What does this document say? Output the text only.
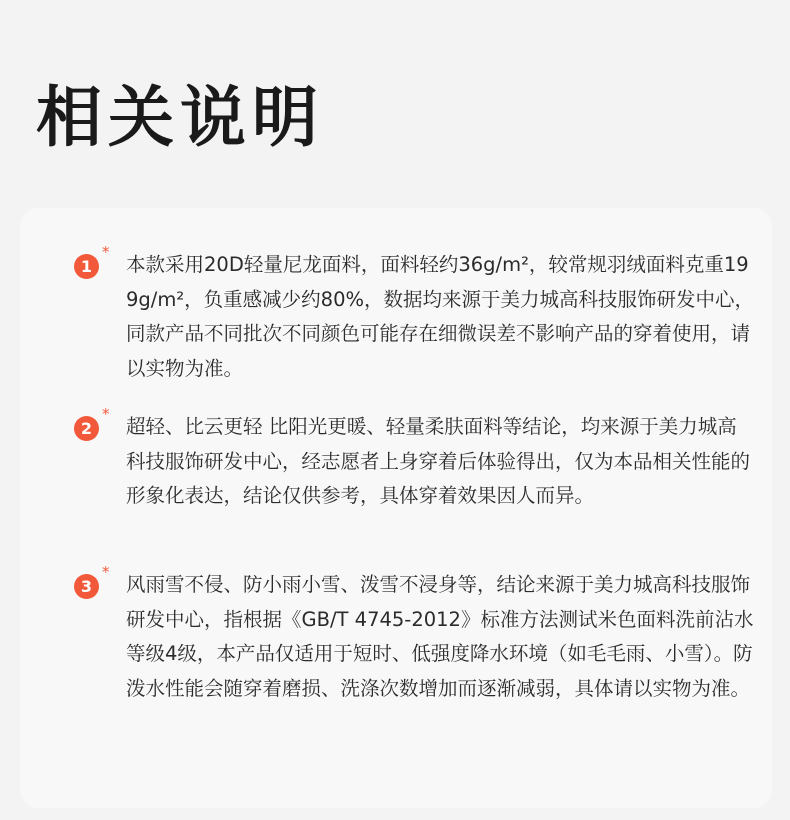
相关说明
1
*

本款采用20D轻量尼龙面料，面料轻约36g/m²，较常规羽绒面料克重199g/m²，负重感减少约80%，数据均来源于美力城高科技服饰研发中心，同款产品不同批次不同颜色可能存在细微误差不影响产品的穿着使用，请以实物为准。

2
*

超轻、比云更轻 比阳光更暖、轻量柔肤面料等结论，均来源于美力城高科技服饰研发中心，经志愿者上身穿着后体验得出，仅为本品相关性能的形象化表达，结论仅供参考，具体穿着效果因人而异。

3
*

风雨雪不侵、防小雨小雪、泼雪不浸身等，结论来源于美力城高科技服饰研发中心，指根据《GB/T 4745-2012》标准方法测试米色面料洗前沾水等级4级，本产品仅适用于短时、低强度降水环境（如毛毛雨、小雪）。防泼水性能会随穿着磨损、洗涤次数增加而逐渐减弱，具体请以实物为准。
